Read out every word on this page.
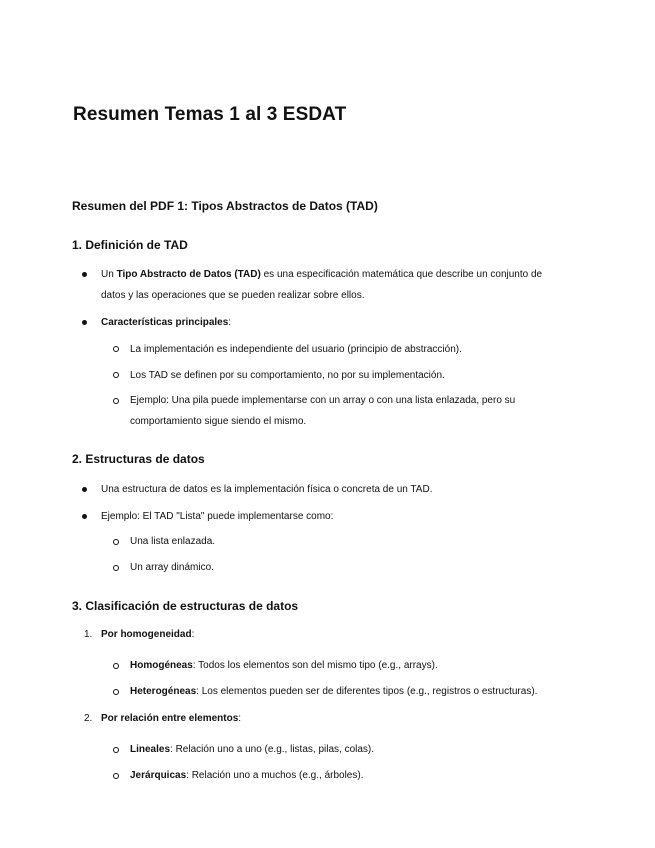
Resumen Temas 1 al 3 ESDAT

Resumen del PDF 1: Tipos Abstractos de Datos (TAD)

1. Definición de TAD

Un Tipo Abstracto de Datos (TAD) es una especificación matemática que describe un conjunto de

datos y las operaciones que se pueden realizar sobre ellos.

Características principales:

La implementación es independiente del usuario (principio de abstracción).

Los TAD se definen por su comportamiento, no por su implementación.

Ejemplo: Una pila puede implementarse con un array o con una lista enlazada, pero su

comportamiento sigue siendo el mismo.

2. Estructuras de datos

Una estructura de datos es la implementación física o concreta de un TAD.

Ejemplo: El TAD "Lista" puede implementarse como:

Una lista enlazada.

Un array dinámico.

3. Clasificación de estructuras de datos

1. Por homogeneidad:

Homogéneas: Todos los elementos son del mismo tipo (e.g., arrays).

Heterogéneas: Los elementos pueden ser de diferentes tipos (e.g., registros o estructuras).

2. Por relación entre elementos:

Lineales: Relación uno a uno (e.g., listas, pilas, colas).

Jerárquicas: Relación uno a muchos (e.g., árboles).
